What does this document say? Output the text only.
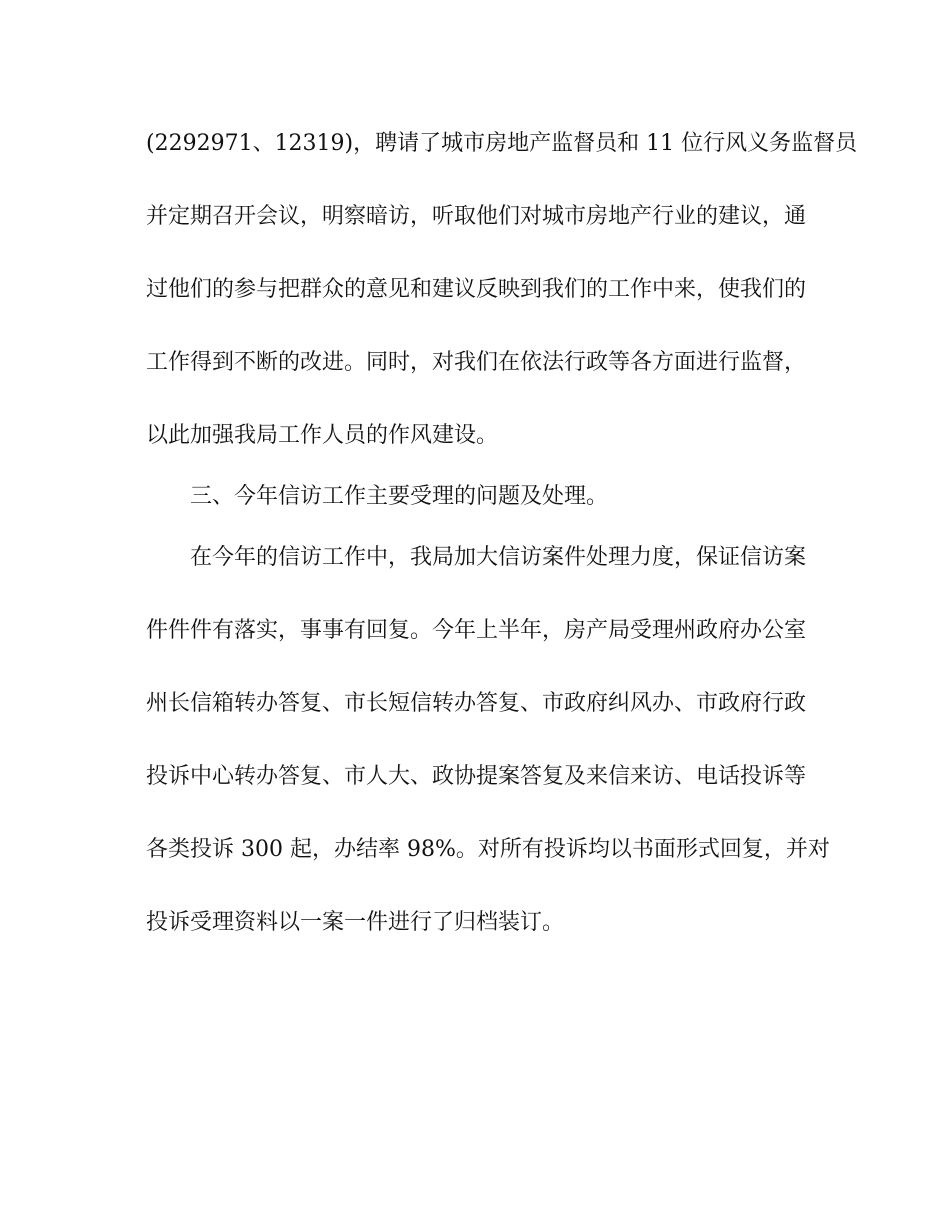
(2292971、12319)，聘请了城市房地产监督员和 11 位行风义务监督员
并定期召开会议，明察暗访，听取他们对城市房地产行业的建议，通
过他们的参与把群众的意见和建议反映到我们的工作中来，使我们的
工作得到不断的改进。同时，对我们在依法行政等各方面进行监督，
以此加强我局工作人员的作风建设。
三、今年信访工作主要受理的问题及处理。
在今年的信访工作中，我局加大信访案件处理力度，保证信访案
件件件有落实，事事有回复。今年上半年，房产局受理州政府办公室
州长信箱转办答复、市长短信转办答复、市政府纠风办、市政府行政
投诉中心转办答复、市人大、政协提案答复及来信来访、电话投诉等
各类投诉 300 起，办结率 98%。对所有投诉均以书面形式回复，并对
投诉受理资料以一案一件进行了归档装订。
